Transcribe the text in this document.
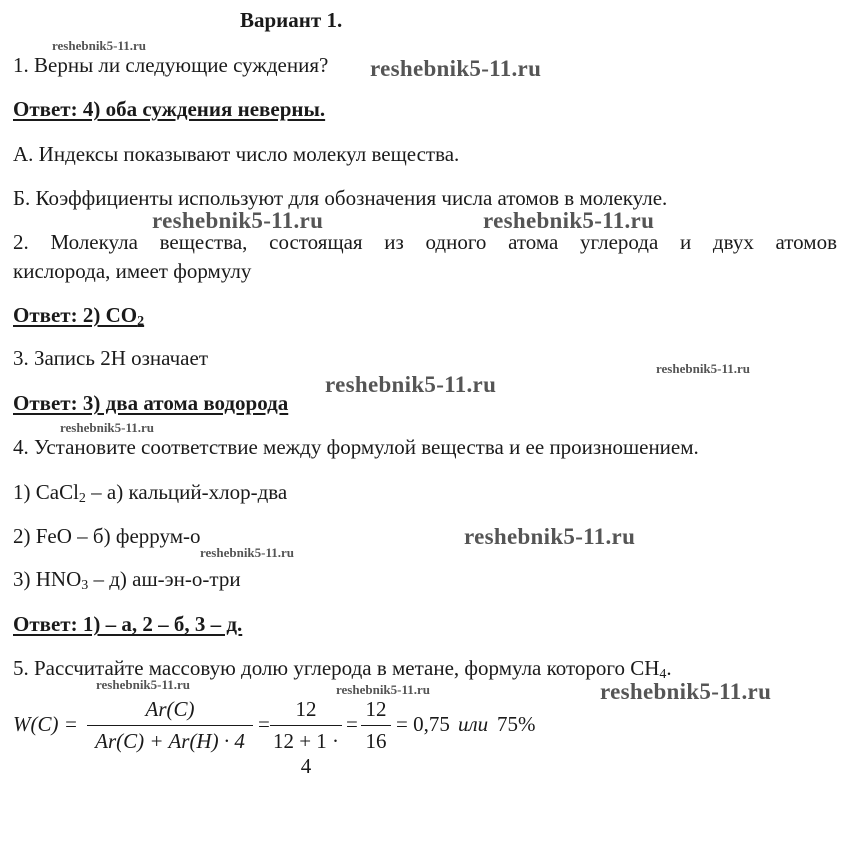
Вариант 1.
reshebnik5-11.ru
1. Верны ли следующие суждения? reshebnik5-11.ru
Ответ: 4) оба суждения неверны.
А. Индексы показывают число молекул вещества.
Б. Коэффициенты используют для обозначения числа атомов в молекуле.
reshebnik5-11.ru	reshebnik5-11.ru
2. Молекула вещества, состоящая из одного атома углерода и двух атомов
кислорода, имеет формулу
Ответ: 2) $CO_2$
3. Запись 2H означает	reshebnik5-11.ru
reshebnik5-11.ru
Ответ: 3) два атома водорода
reshebnik5-11.ru
4. Установите соответствие между формулой вещества и ее произношением.
1) CaCl$_2$ – а) кальций-хлор-два
2) FeO – б) феррум-о	reshebnik5-11.ru
reshebnik5-11.ru
3) $HNO_3 - д$) аш-эн-о-три
Ответ: 1) – а, 2 – б, 3 – д.
5. Рассчитайте массовую долю углерода в метане, формула которого $CH_4$.
reshebnik5-11.ru	reshebnik5-11.ru	reshebnik5-11.ru
W(C) =
Ar(C)
Ar(C) + Ar(H) · 4
=
12
12 + 1 · 4
=
12
16
= 0,75 или 75%
